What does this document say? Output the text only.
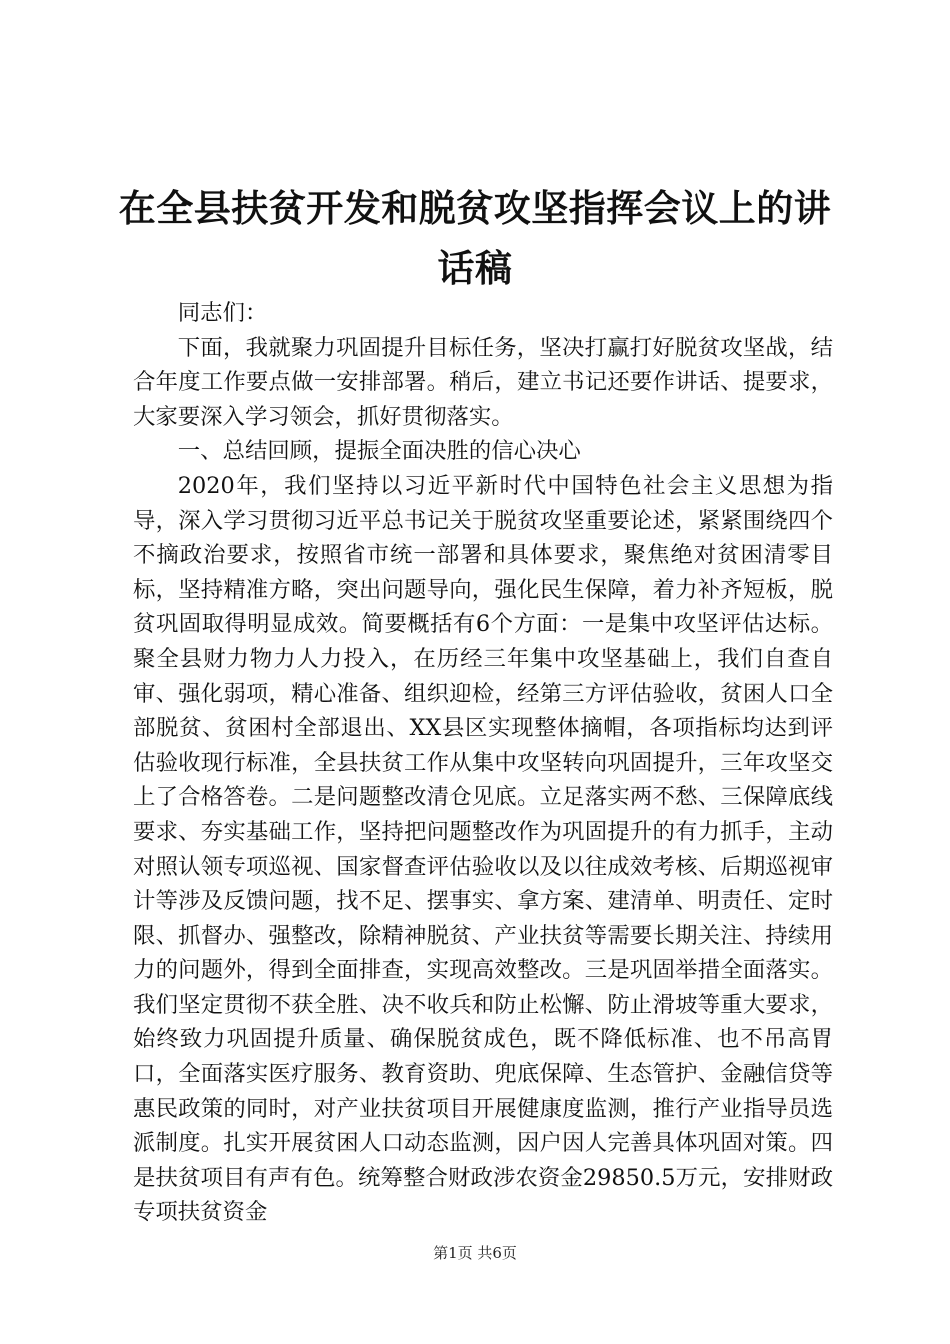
在全县扶贫开发和脱贫攻坚指挥会议上的讲话稿

同志们：

下面，我就聚力巩固提升目标任务，坚决打赢打好脱贫攻坚战，结合年度工作要点做一安排部署。稍后，建立书记还要作讲话、提要求，大家要深入学习领会，抓好贯彻落实。

一、总结回顾，提振全面决胜的信心决心

2020年，我们坚持以习近平新时代中国特色社会主义思想为指导，深入学习贯彻习近平总书记关于脱贫攻坚重要论述，紧紧围绕四个不摘政治要求，按照省市统一部署和具体要求，聚焦绝对贫困清零目标，坚持精准方略，突出问题导向，强化民生保障，着力补齐短板，脱贫巩固取得明显成效。简要概括有6个方面：一是集中攻坚评估达标。聚全县财力物力人力投入，在历经三年集中攻坚基础上，我们自查自审、强化弱项，精心准备、组织迎检，经第三方评估验收，贫困人口全部脱贫、贫困村全部退出、XX县区实现整体摘帽，各项指标均达到评估验收现行标准，全县扶贫工作从集中攻坚转向巩固提升，三年攻坚交上了合格答卷。二是问题整改清仓见底。立足落实两不愁、三保障底线要求、夯实基础工作，坚持把问题整改作为巩固提升的有力抓手，主动对照认领专项巡视、国家督查评估验收以及以往成效考核、后期巡视审计等涉及反馈问题，找不足、摆事实、拿方案、建清单、明责任、定时限、抓督办、强整改，除精神脱贫、产业扶贫等需要长期关注、持续用力的问题外，得到全面排查，实现高效整改。三是巩固举措全面落实。我们坚定贯彻不获全胜、决不收兵和防止松懈、防止滑坡等重大要求，始终致力巩固提升质量、确保脱贫成色，既不降低标准、也不吊高胃口，全面落实医疗服务、教育资助、兜底保障、生态管护、金融信贷等惠民政策的同时，对产业扶贫项目开展健康度监测，推行产业指导员选派制度。扎实开展贫困人口动态监测，因户因人完善具体巩固对策。四是扶贫项目有声有色。统筹整合财政涉农资金29850.5万元，安排财政专项扶贫资金

第1页 共6页
